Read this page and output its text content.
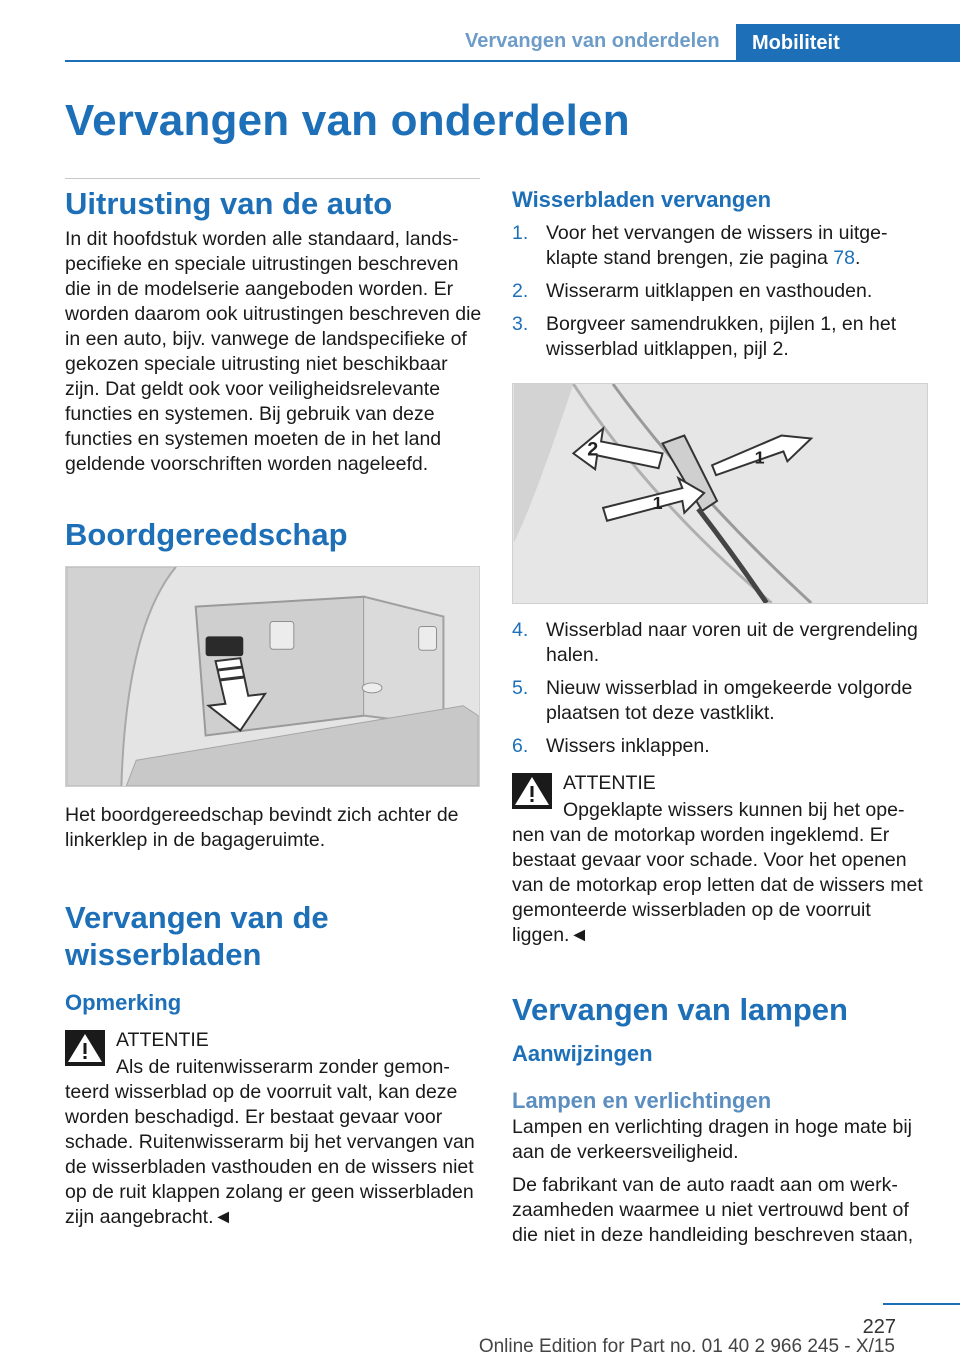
Vervangen van onderdelen	Mobiliteit
Vervangen van onderdelen
Uitrusting van de auto

In dit hoofdstuk worden alle standaard, landspecifieke en speciale uitrustingen beschreven die in de modelserie aangeboden worden. Er worden daarom ook uitrustingen beschreven die in een auto, bijv. vanwege de landspecifieke of gekozen speciale uitrusting niet beschikbaar zijn. Dat geldt ook voor veiligheidsrelevante functies en systemen. Bij gebruik van deze functies en systemen moeten de in het land geldende voorschriften worden nageleefd.

Boordgereedschap

Het boordgereedschap bevindt zich achter de linkerklep in de bagageruimte.

Vervangen van de wisserbladen
Opmerking
ATTENTIE
Als de ruitenwisserarm zonder gemonteerd wisserblad op de voorruit valt, kan deze worden beschadigd. Er bestaat gevaar voor schade. Ruitenwisserarm bij het vervangen van de wisserbladen vasthouden en de wissers niet op de ruit klappen zolang er geen wisserbladen zijn aangebracht.◄
Wisserbladen vervangen
1. Voor het vervangen de wissers in uitgeklapte stand brengen, zie pagina 78.
2. Wisserarm uitklappen en vasthouden.
3. Borgveer samendrukken, pijlen 1, en het wisserblad uitklappen, pijl 2.
2	1
1
4. Wisserblad naar voren uit de vergrendeling halen.
5. Nieuw wisserblad in omgekeerde volgorde plaatsen tot deze vastklikt.
6. Wissers inklappen.
ATTENTIE
Opgeklapte wissers kunnen bij het openen van de motorkap worden ingeklemd. Er bestaat gevaar voor schade. Voor het openen van de motorkap erop letten dat de wissers met gemonteerde wisserbladen op de voorruit liggen.◄
Vervangen van lampen
Aanwijzingen
Lampen en verlichtingen

Lampen en verlichting dragen in hoge mate bij aan de verkeersveiligheid.

De fabrikant van de auto raadt aan om werkzaamheden waarmee u niet vertrouwd bent of die niet in deze handleiding beschreven staan,

227
Online Edition for Part no. 01 40 2 966 245 - X/15
